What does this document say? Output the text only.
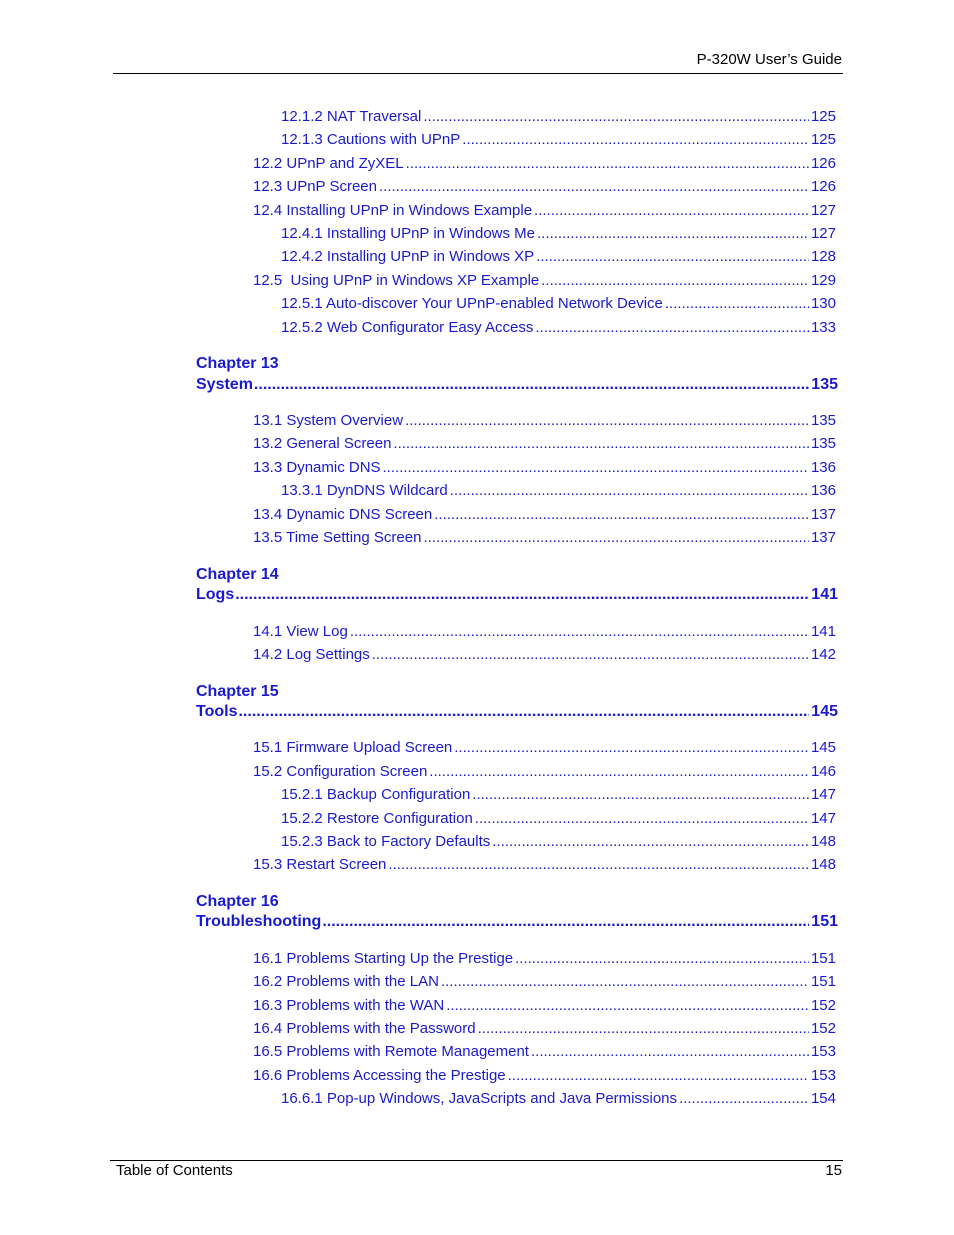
P-320W User’s Guide
12.1.2 NAT Traversal .....	125
12.1.3 Cautions with UPnP .....	125
12.2 UPnP and ZyXEL .....	126
12.3 UPnP Screen .....	126
12.4 Installing UPnP in Windows Example .....	127
12.4.1 Installing UPnP in Windows Me .....	127
12.4.2 Installing UPnP in Windows XP .....	128
12.5  Using UPnP in Windows XP Example .....	129
12.5.1 Auto-discover Your UPnP-enabled Network Device .....	130
12.5.2 Web Configurator Easy Access .....	133
Chapter 13
System .....	135
13.1 System Overview .....	135
13.2 General Screen .....	135
13.3 Dynamic DNS .....	136
13.3.1 DynDNS Wildcard .....	136
13.4 Dynamic DNS Screen .....	137
13.5 Time Setting Screen .....	137
Chapter 14
Logs .....	141
14.1 View Log .....	141
14.2 Log Settings .....	142
Chapter 15
Tools .....	145
15.1 Firmware Upload Screen .....	145
15.2 Configuration Screen .....	146
15.2.1 Backup Configuration .....	147
15.2.2 Restore Configuration .....	147
15.2.3 Back to Factory Defaults .....	148
15.3 Restart Screen .....	148
Chapter 16
Troubleshooting .....	151
16.1 Problems Starting Up the Prestige .....	151
16.2 Problems with the LAN .....	151
16.3 Problems with the WAN .....	152
16.4 Problems with the Password .....	152
16.5 Problems with Remote Management .....	153
16.6 Problems Accessing the Prestige .....	153
16.6.1 Pop-up Windows, JavaScripts and Java Permissions .....	154
Table of Contents	15
